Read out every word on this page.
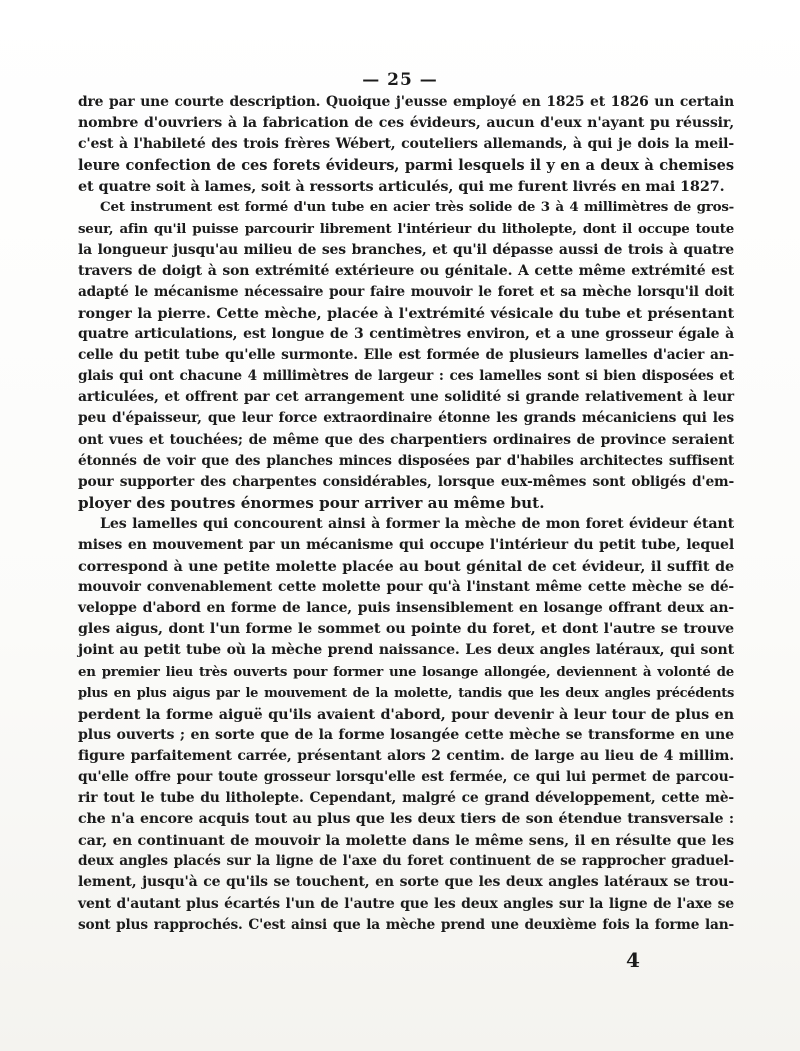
— 25 —
dre par une courte description. Quoique j'eusse employé en 1825 et 1826 un certain
nombre d'ouvriers à la fabrication de ces évideurs, aucun d'eux n'ayant pu réussir,
c'est à l'habileté des trois frères Wébert, couteliers allemands, à qui je dois la meil-
leure confection de ces forets évideurs, parmi lesquels il y en a deux à chemises
et quatre soit à lames, soit à ressorts articulés, qui me furent livrés en mai 1827.
Cet instrument est formé d'un tube en acier très solide de 3 à 4 millimètres de gros-
seur, afin qu'il puisse parcourir librement l'intérieur du litholepte, dont il occupe toute
la longueur jusqu'au milieu de ses branches, et qu'il dépasse aussi de trois à quatre
travers de doigt à son extrémité extérieure ou génitale. A cette même extrémité est
adapté le mécanisme nécessaire pour faire mouvoir le foret et sa mèche lorsqu'il doit
ronger la pierre. Cette mèche, placée à l'extrémité vésicale du tube et présentant
quatre articulations, est longue de 3 centimètres environ, et a une grosseur égale à
celle du petit tube qu'elle surmonte. Elle est formée de plusieurs lamelles d'acier an-
glais qui ont chacune 4 millimètres de largeur : ces lamelles sont si bien disposées et
articulées, et offrent par cet arrangement une solidité si grande relativement à leur
peu d'épaisseur, que leur force extraordinaire étonne les grands mécaniciens qui les
ont vues et touchées; de même que des charpentiers ordinaires de province seraient
étonnés de voir que des planches minces disposées par d'habiles architectes suffisent
pour supporter des charpentes considérables, lorsque eux-mêmes sont obligés d'em-
ployer des poutres énormes pour arriver au même but.
Les lamelles qui concourent ainsi à former la mèche de mon foret évideur étant
mises en mouvement par un mécanisme qui occupe l'intérieur du petit tube, lequel
correspond à une petite molette placée au bout génital de cet évideur, il suffit de
mouvoir convenablement cette molette pour qu'à l'instant même cette mèche se dé-
veloppe d'abord en forme de lance, puis insensiblement en losange offrant deux an-
gles aigus, dont l'un forme le sommet ou pointe du foret, et dont l'autre se trouve
joint au petit tube où la mèche prend naissance. Les deux angles latéraux, qui sont
en premier lieu très ouverts pour former une losange allongée, deviennent à volonté de
plus en plus aigus par le mouvement de la molette, tandis que les deux angles précédents
perdent la forme aiguë qu'ils avaient d'abord, pour devenir à leur tour de plus en
plus ouverts ; en sorte que de la forme losangée cette mèche se transforme en une
figure parfaitement carrée, présentant alors 2 centim. de large au lieu de 4 millim.
qu'elle offre pour toute grosseur lorsqu'elle est fermée, ce qui lui permet de parcou-
rir tout le tube du litholepte. Cependant, malgré ce grand développement, cette mè-
che n'a encore acquis tout au plus que les deux tiers de son étendue transversale :
car, en continuant de mouvoir la molette dans le même sens, il en résulte que les
deux angles placés sur la ligne de l'axe du foret continuent de se rapprocher graduel-
lement, jusqu'à ce qu'ils se touchent, en sorte que les deux angles latéraux se trou-
vent d'autant plus écartés l'un de l'autre que les deux angles sur la ligne de l'axe se
sont plus rapprochés. C'est ainsi que la mèche prend une deuxième fois la forme lan-
4
